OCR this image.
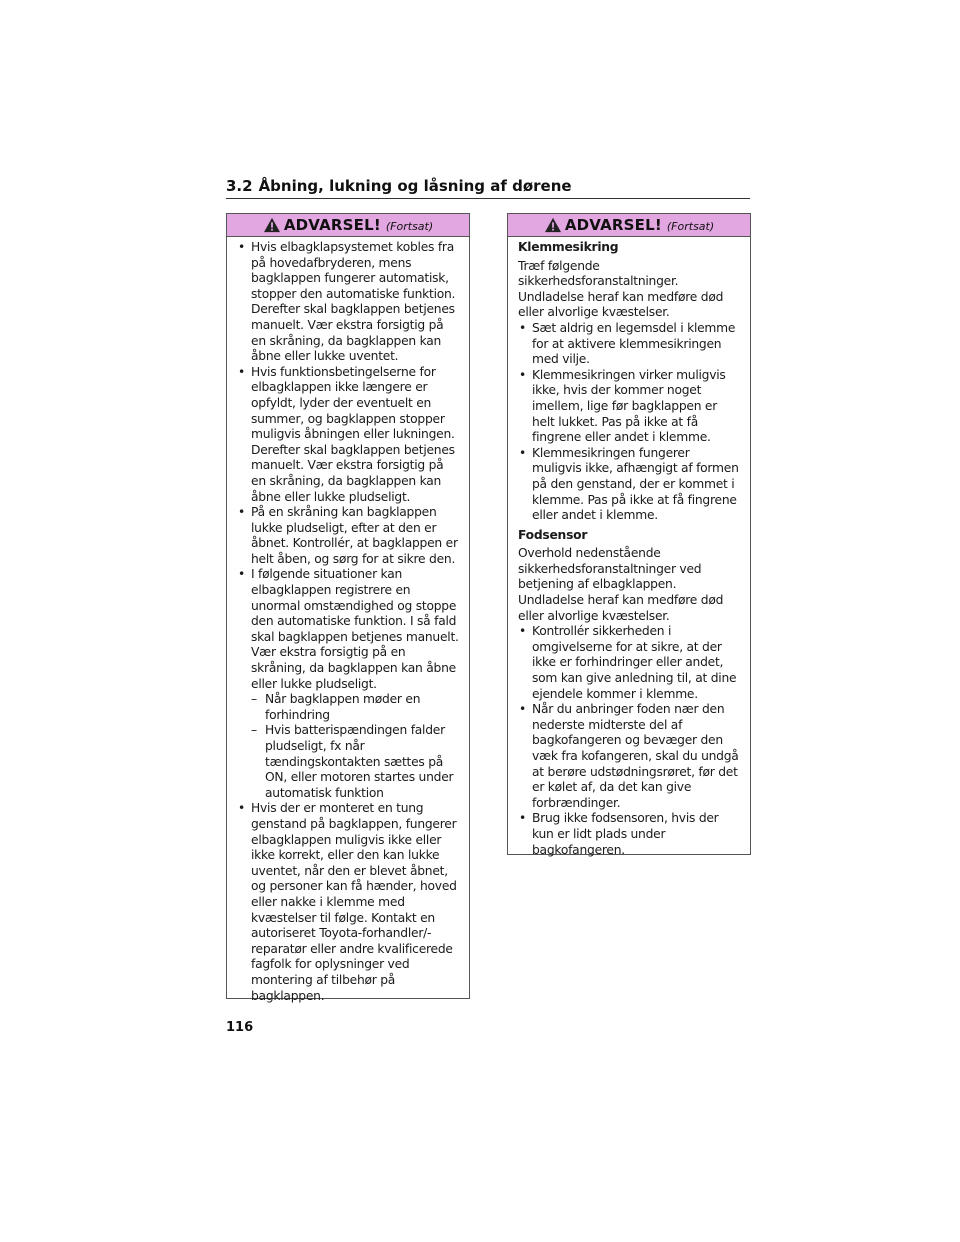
3.2 Åbning, lukning og låsning af dørene
ADVARSEL! (Fortsat)
• Hvis elbagklapsystemet kobles fra på hovedafbryderen, mens bagklappen fungerer automatisk, stopper den automatiske funktion. Derefter skal bagklappen betjenes manuelt. Vær ekstra forsigtig på en skråning, da bagklappen kan åbne eller lukke uventet.
• Hvis funktionsbetingelserne for elbagklappen ikke længere er opfyldt, lyder der eventuelt en summer, og bagklappen stopper muligvis åbningen eller lukningen. Derefter skal bagklappen betjenes manuelt. Vær ekstra forsigtig på en skråning, da bagklappen kan åbne eller lukke pludseligt.
• På en skråning kan bagklappen lukke pludseligt, efter at den er åbnet. Kontrollér, at bagklappen er helt åben, og sørg for at sikre den.
• I følgende situationer kan elbagklappen registrere en unormal omstændighed og stoppe den automatiske funktion. I så fald skal bagklappen betjenes manuelt. Vær ekstra forsigtig på en skråning, da bagklappen kan åbne eller lukke pludseligt.
– Når bagklappen møder en forhindring
– Hvis batterispændingen falder pludseligt, fx når tændingskontakten sættes på ON, eller motoren startes under automatisk funktion
• Hvis der er monteret en tung genstand på bagklappen, fungerer elbagklappen muligvis ikke eller ikke korrekt, eller den kan lukke uventet, når den er blevet åbnet, og personer kan få hænder, hoved eller nakke i klemme med kvæstelser til følge. Kontakt en autoriseret Toyota-forhandler/-reparatør eller andre kvalificerede fagfolk for oplysninger ved montering af tilbehør på bagklappen.
ADVARSEL! (Fortsat)
Klemmesikring
Træf følgende sikkerhedsforanstaltninger. Undladelse heraf kan medføre død eller alvorlige kvæstelser.
• Sæt aldrig en legemsdel i klemme for at aktivere klemmesikringen med vilje.
• Klemmesikringen virker muligvis ikke, hvis der kommer noget imellem, lige før bagklappen er helt lukket. Pas på ikke at få fingrene eller andet i klemme.
• Klemmesikringen fungerer muligvis ikke, afhængigt af formen på den genstand, der er kommet i klemme. Pas på ikke at få fingrene eller andet i klemme.
Fodsensor
Overhold nedenstående sikkerhedsforanstaltninger ved betjening af elbagklappen. Undladelse heraf kan medføre død eller alvorlige kvæstelser.
• Kontrollér sikkerheden i omgivelserne for at sikre, at der ikke er forhindringer eller andet, som kan give anledning til, at dine ejendele kommer i klemme.
• Når du anbringer foden nær den nederste midterste del af bagkofangeren og bevæger den væk fra kofangeren, skal du undgå at berøre udstødningsrøret, før det er kølet af, da det kan give forbrændinger.
• Brug ikke fodsensoren, hvis der kun er lidt plads under bagkofangeren.
116
